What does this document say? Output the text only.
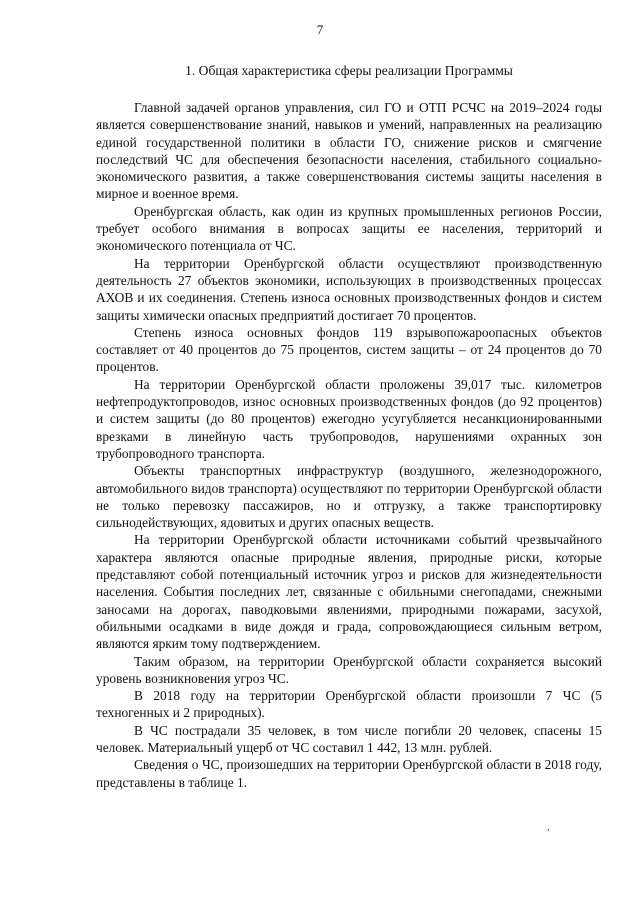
7
1. Общая характеристика сферы реализации Программы

Главной задачей органов управления, сил ГО и ОТП РСЧС на 2019–2024 годы является совершенствование знаний, навыков и умений, направленных на реализацию единой государственной политики в области ГО, снижение рисков и смягчение последствий ЧС для обеспечения безопасности населения, стабильного социально-экономического развития, а также совершенствования системы защиты населения в мирное и военное время.

Оренбургская область, как один из крупных промышленных регионов России, требует особого внимания в вопросах защиты ее населения, территорий и экономического потенциала от ЧС.

На территории Оренбургской области осуществляют производственную деятельность 27 объектов экономики, использующих в производственных процессах АХОВ и их соединения. Степень износа основных производственных фондов и систем защиты химически опасных предприятий достигает 70 процентов.

Степень износа основных фондов 119 взрывопожароопасных объектов составляет от 40 процентов до 75 процентов, систем защиты – от 24 процентов до 70 процентов.

На территории Оренбургской области проложены 39,017 тыс. километров нефтепродуктопроводов, износ основных производственных фондов (до 92 процентов) и систем защиты (до 80 процентов) ежегодно усугубляется несанкционированными врезками в линейную часть трубопроводов, нарушениями охранных зон трубопроводного транспорта.

Объекты транспортных инфраструктур (воздушного, железнодорожного, автомобильного видов транспорта) осуществляют по территории Оренбургской области не только перевозку пассажиров, но и отгрузку, а также транспортировку сильнодействующих, ядовитых и других опасных веществ.

На территории Оренбургской области источниками событий чрезвычайного характера являются опасные природные явления, природные риски, которые представляют собой потенциальный источник угроз и рисков для жизнедеятельности населения. События последних лет, связанные с обильными снегопадами, снежными заносами на дорогах, паводковыми явлениями, природными пожарами, засухой, обильными осадками в виде дождя и града, сопровождающиеся сильным ветром, являются ярким тому подтверждением.

Таким образом, на территории Оренбургской области сохраняется высокий уровень возникновения угроз ЧС.

В 2018 году на территории Оренбургской области произошли 7 ЧС (5 техногенных и 2 природных).

В ЧС пострадали 35 человек, в том числе погибли 20 человек, спасены 15 человек. Материальный ущерб от ЧС составил 1 442, 13 млн. рублей.

Сведения о ЧС, произошедших на территории Оренбургской области в 2018 году, представлены в таблице 1.

,
